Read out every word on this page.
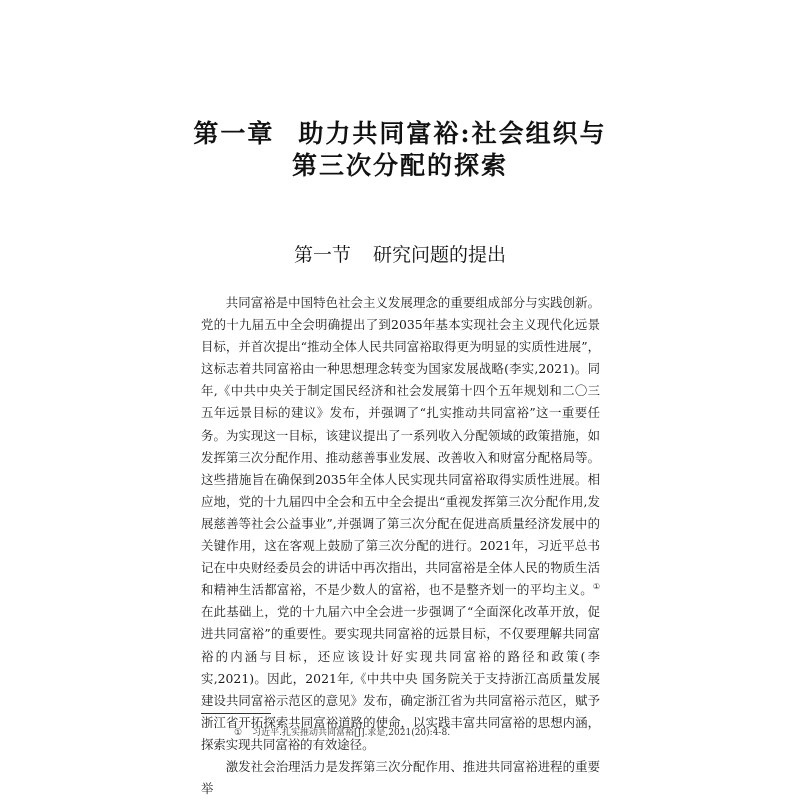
第一章 助力共同富裕:社会组织与
第三次分配的探索
第一节 研究问题的提出

共同富裕是中国特色社会主义发展理念的重要组成部分与实践创新。党的十九届五中全会明确提出了到2035年基本实现社会主义现代化远景目标，并首次提出“推动全体人民共同富裕取得更为明显的实质性进展”，这标志着共同富裕由一种思想理念转变为国家发展战略(李实,2021)。同年,《中共中央关于制定国民经济和社会发展第十四个五年规划和二〇三五年远景目标的建议》发布，并强调了“扎实推动共同富裕”这一重要任务。为实现这一目标，该建议提出了一系列收入分配领域的政策措施，如发挥第三次分配作用、推动慈善事业发展、改善收入和财富分配格局等。这些措施旨在确保到2035年全体人民实现共同富裕取得实质性进展。相应地，党的十九届四中全会和五中全会提出“重视发挥第三次分配作用,发展慈善等社会公益事业”,并强调了第三次分配在促进高质量经济发展中的关键作用，这在客观上鼓励了第三次分配的进行。2021年，习近平总书记在中央财经委员会的讲话中再次指出，共同富裕是全体人民的物质生活和精神生活都富裕，不是少数人的富裕，也不是整齐划一的平均主义。①在此基础上，党的十九届六中全会进一步强调了“全面深化改革开放，促进共同富裕”的重要性。要实现共同富裕的远景目标，不仅要理解共同富裕的内涵与目标，还应该设计好实现共同富裕的路径和政策(李实,2021)。因此，2021年,《中共中央 国务院关于支持浙江高质量发展建设共同富裕示范区的意见》发布，确定浙江省为共同富裕示范区，赋予浙江省开拓探索共同富裕道路的使命，以实践丰富共同富裕的思想内涵，探索实现共同富裕的有效途径。

激发社会治理活力是发挥第三次分配作用、推进共同富裕进程的重要举

① 习近平.扎实推动共同富裕[J].求是,2021(20):4-8.
